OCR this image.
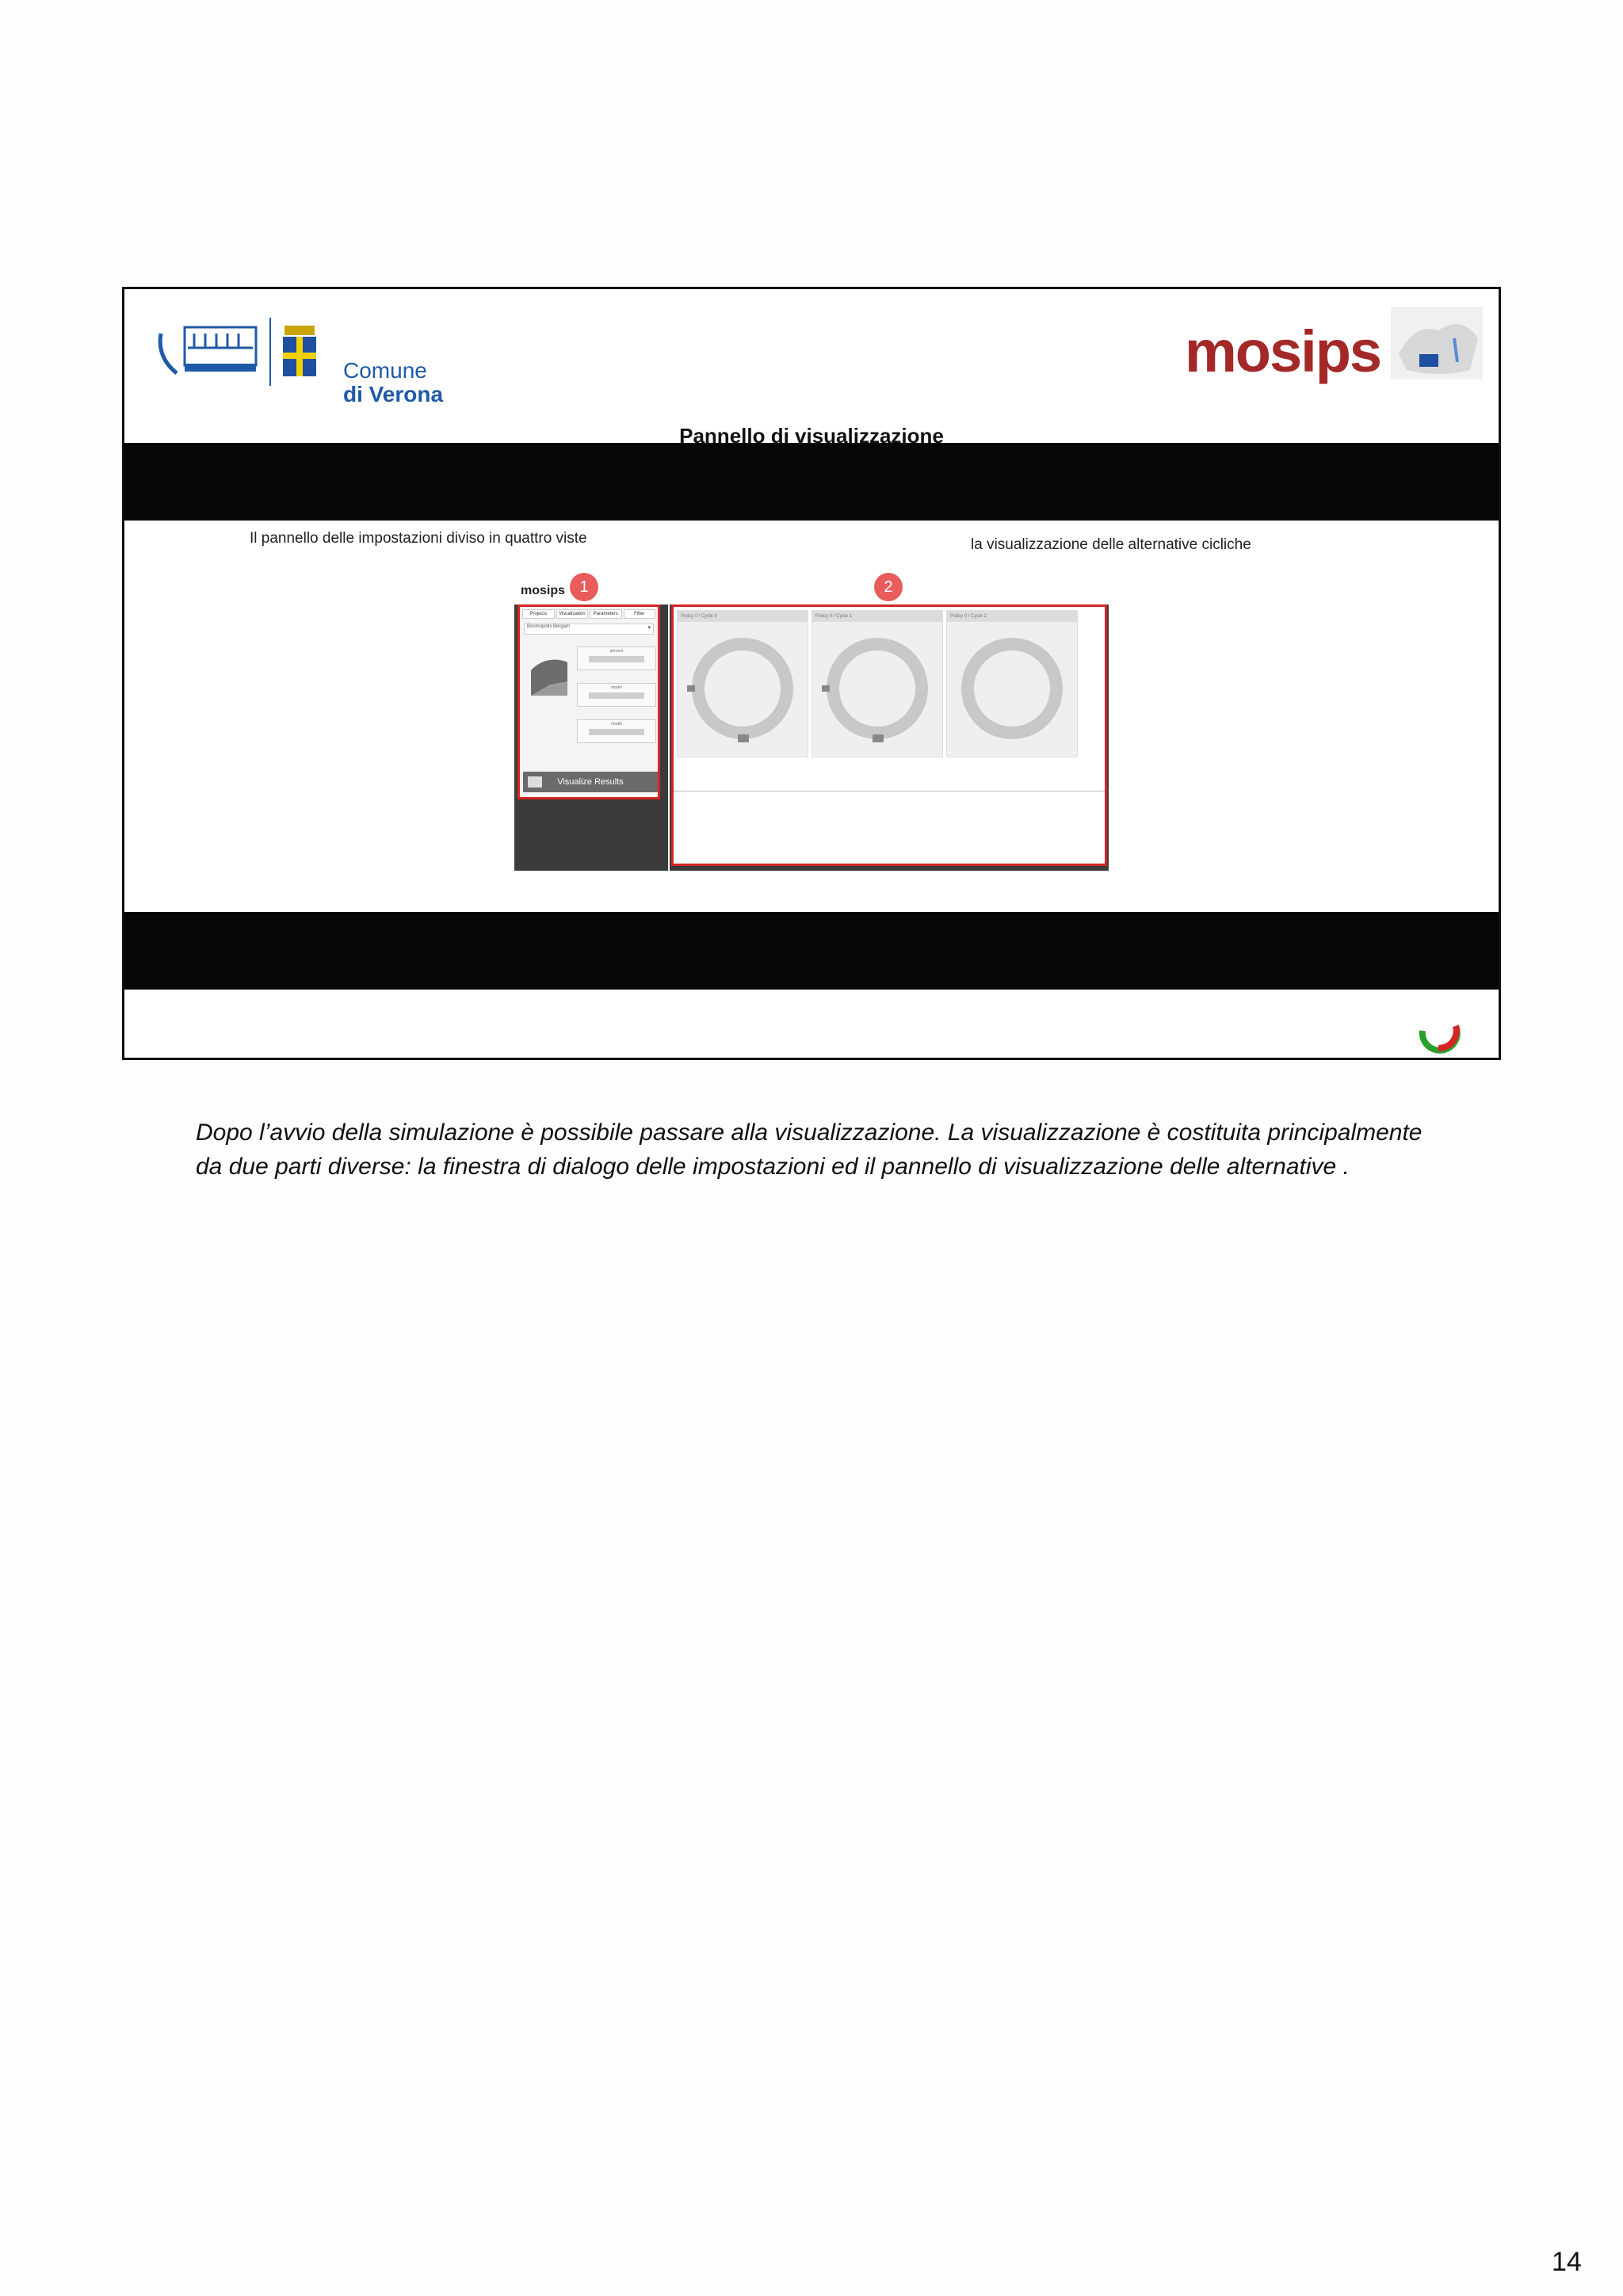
Comune
di Verona
mosips
Pannello di visualizzazione
Il pannello delle impostazioni diviso in quattro viste	la visualizzazione delle alternative cicliche
mosips 1	2
Projects	Visualization	Parameters	Filter
Bonmopolis Bergam ▾
percent
model
model
Visualize Results
Policy 0 / Cycle 0	Policy 0 / Cycle 1	Policy 0 / Cycle 2
Dopo l’avvio della simulazione è possibile passare alla visualizzazione. La visualizzazione è costituita principalmente da due parti diverse: la finestra di dialogo delle impostazioni ed il pannello di visualizzazione delle alternative .
14
